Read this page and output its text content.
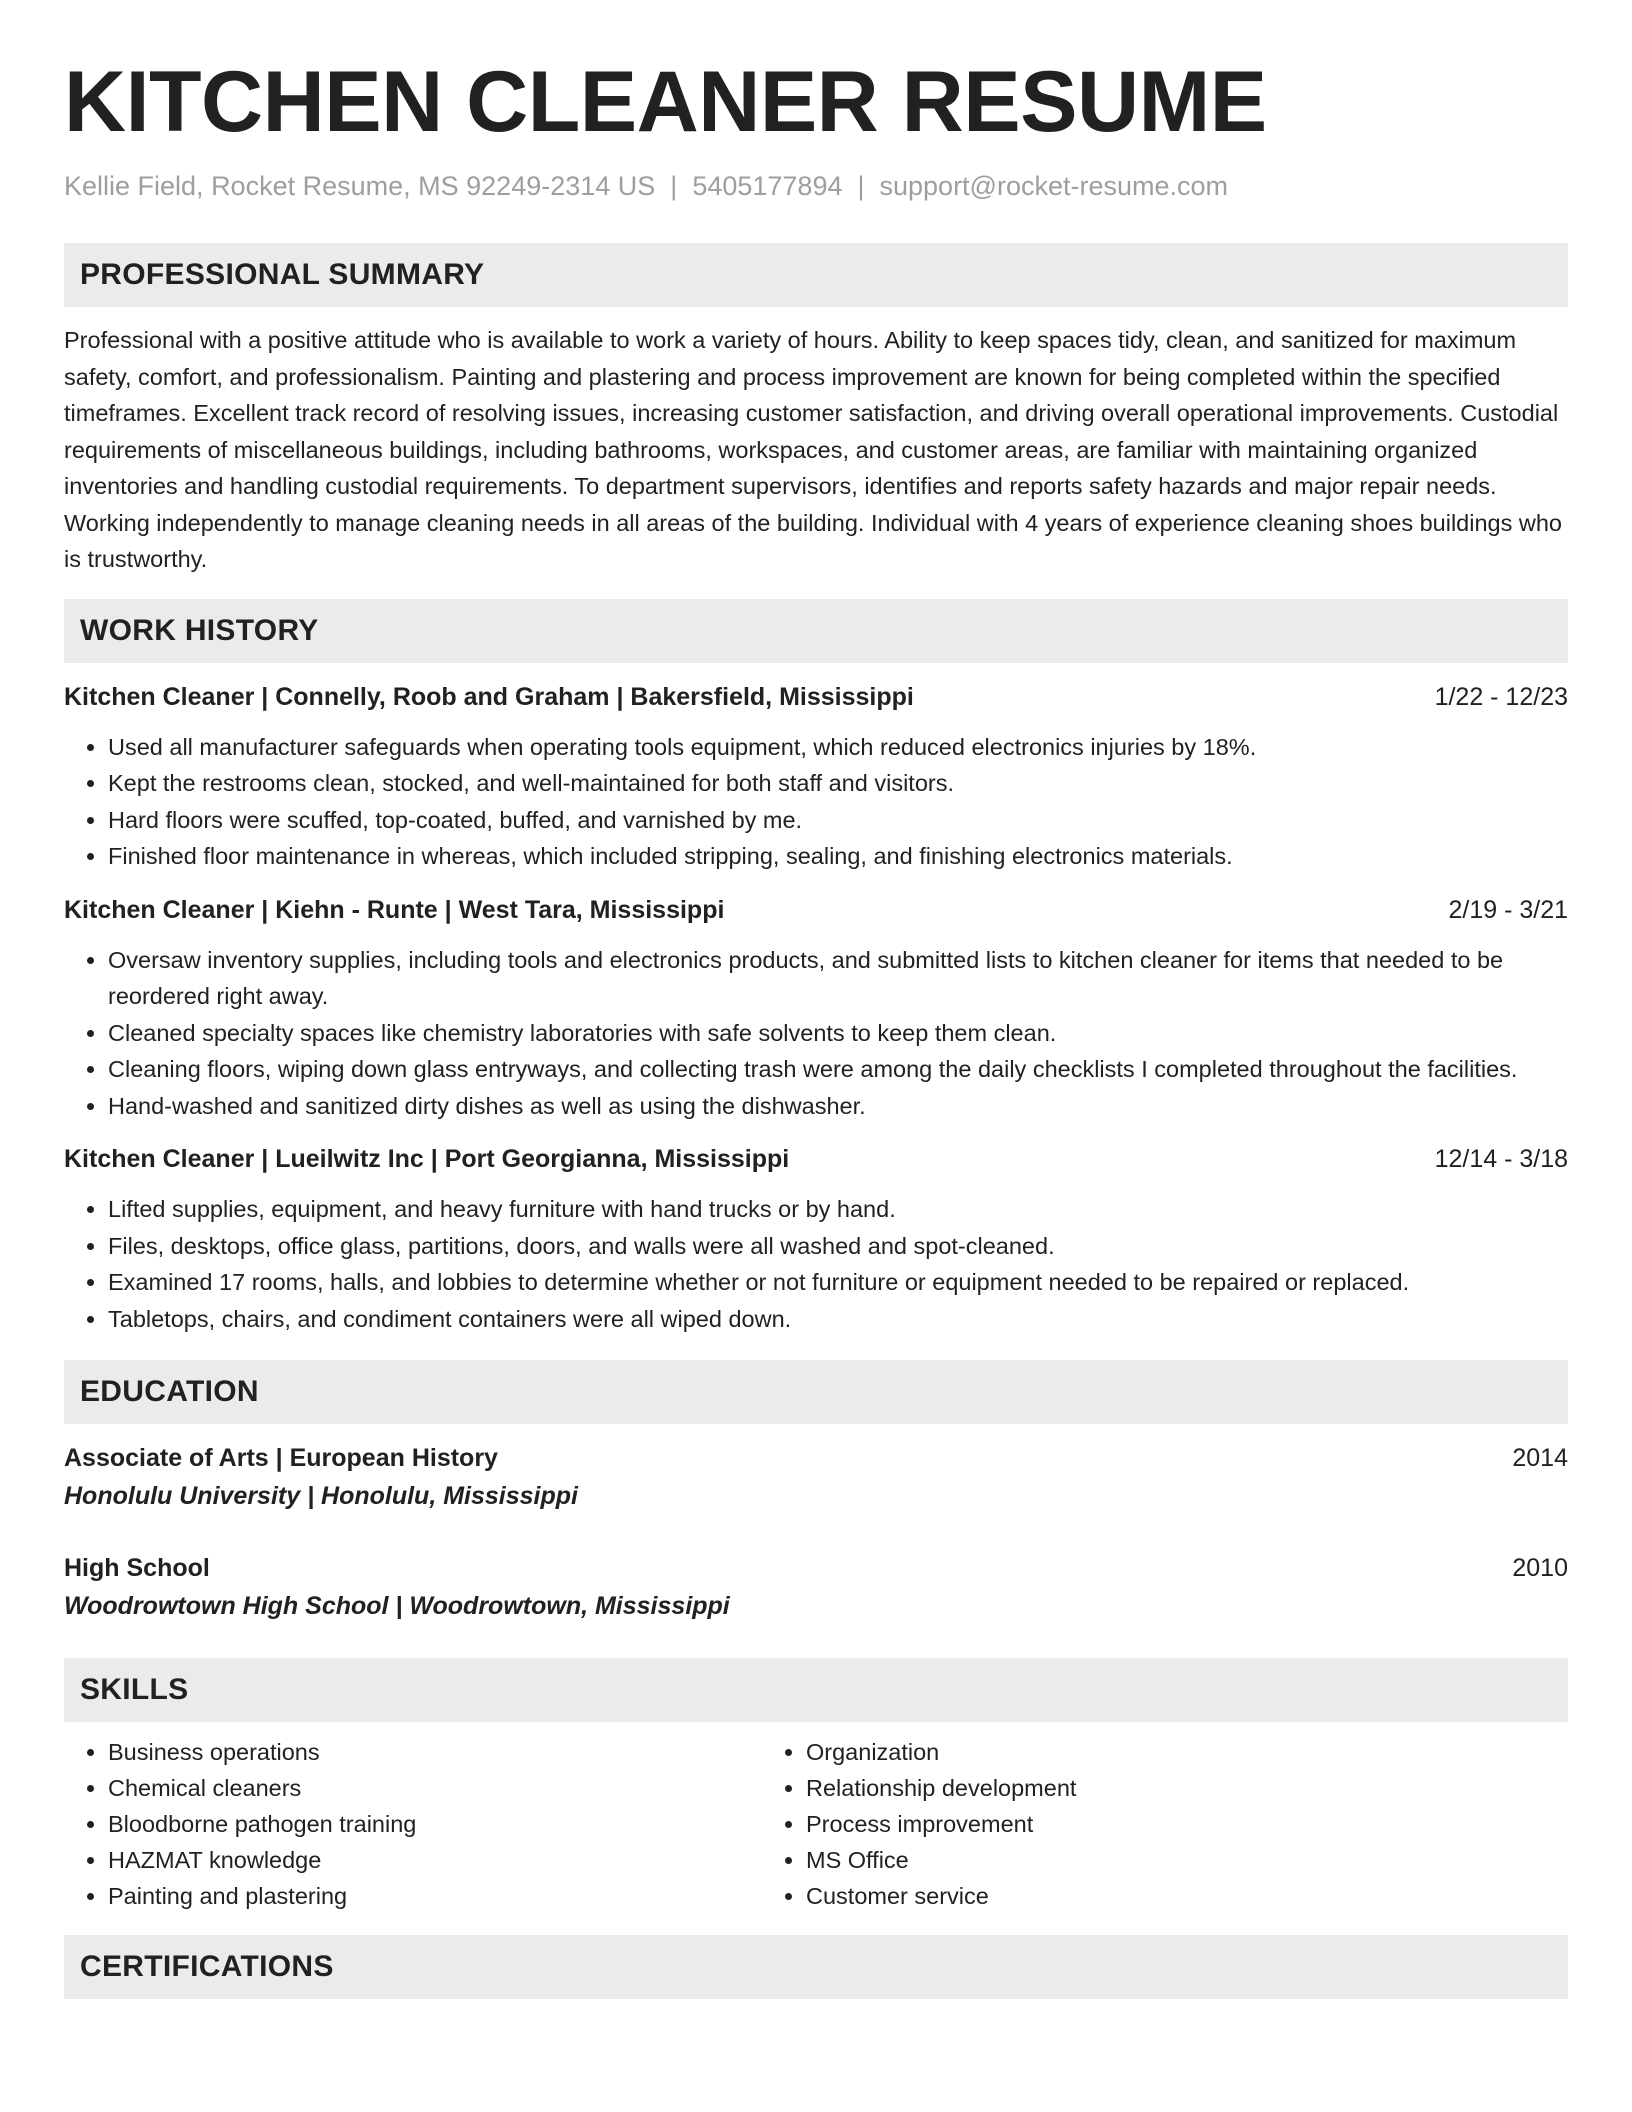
KITCHEN CLEANER RESUME
Kellie Field, Rocket Resume, MS 92249-2314 US | 5405177894 | support@rocket-resume.com
PROFESSIONAL SUMMARY

Professional with a positive attitude who is available to work a variety of hours. Ability to keep spaces tidy, clean, and sanitized for maximum safety, comfort, and professionalism. Painting and plastering and process improvement are known for being completed within the specified timeframes. Excellent track record of resolving issues, increasing customer satisfaction, and driving overall operational improvements. Custodial requirements of miscellaneous buildings, including bathrooms, workspaces, and customer areas, are familiar with maintaining organized inventories and handling custodial requirements. To department supervisors, identifies and reports safety hazards and major repair needs. Working independently to manage cleaning needs in all areas of the building. Individual with 4 years of experience cleaning shoes buildings who is trustworthy.

WORK HISTORY
Kitchen Cleaner | Connelly, Roob and Graham | Bakersfield, Mississippi	1/22 - 12/23
• Used all manufacturer safeguards when operating tools equipment, which reduced electronics injuries by 18%.
• Kept the restrooms clean, stocked, and well-maintained for both staff and visitors.
• Hard floors were scuffed, top-coated, buffed, and varnished by me.
• Finished floor maintenance in whereas, which included stripping, sealing, and finishing electronics materials.
Kitchen Cleaner | Kiehn - Runte | West Tara, Mississippi	2/19 - 3/21
• Oversaw inventory supplies, including tools and electronics products, and submitted lists to kitchen cleaner for items that needed to be reordered right away.
• Cleaned specialty spaces like chemistry laboratories with safe solvents to keep them clean.
• Cleaning floors, wiping down glass entryways, and collecting trash were among the daily checklists I completed throughout the facilities.
• Hand-washed and sanitized dirty dishes as well as using the dishwasher.
Kitchen Cleaner | Lueilwitz Inc | Port Georgianna, Mississippi	12/14 - 3/18
• Lifted supplies, equipment, and heavy furniture with hand trucks or by hand.
• Files, desktops, office glass, partitions, doors, and walls were all washed and spot-cleaned.
• Examined 17 rooms, halls, and lobbies to determine whether or not furniture or equipment needed to be repaired or replaced.
• Tabletops, chairs, and condiment containers were all wiped down.
EDUCATION
Associate of Arts | European History	2014
Honolulu University | Honolulu, Mississippi
High School	2010
Woodrowtown High School | Woodrowtown, Mississippi
SKILLS
• Business operations
• Chemical cleaners
• Bloodborne pathogen training
• HAZMAT knowledge
• Painting and plastering
• Organization
• Relationship development
• Process improvement
• MS Office
• Customer service
CERTIFICATIONS
